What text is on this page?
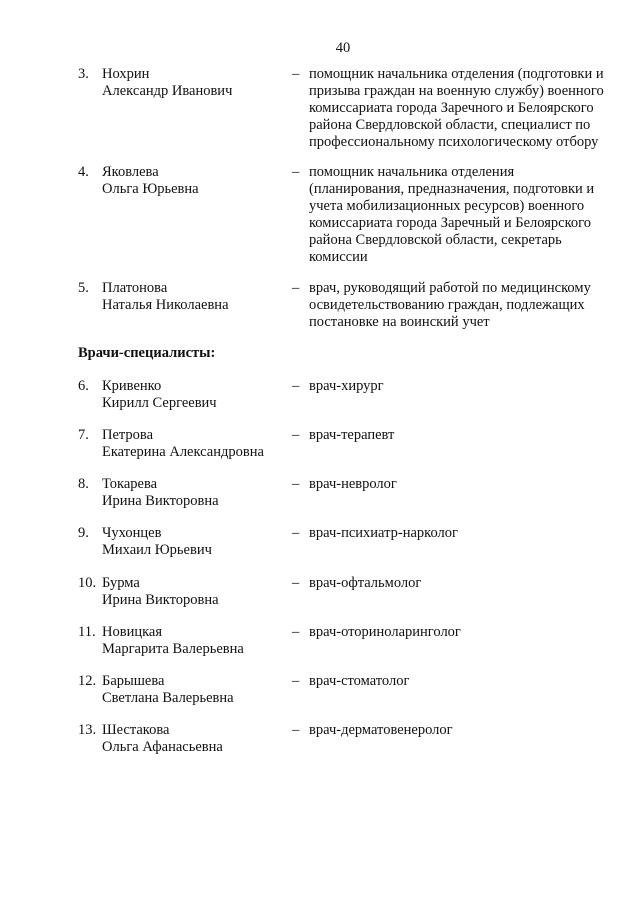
40
3. Нохрин
Александр Иванович
– помощник начальника отделения (подготовки и
призыва граждан на военную службу) военного
комиссариата города Заречного и Белоярского
района Свердловской области, специалист по
профессиональному психологическому отбору
4. Яковлева
Ольга Юрьевна
– помощник начальника отделения
(планирования, предназначения, подготовки и
учета мобилизационных ресурсов) военного
комиссариата города Заречный и Белоярского
района Свердловской области, секретарь
комиссии
5. Платонова
Наталья Николаевна
– врач, руководящий работой по медицинскому
освидетельствованию граждан, подлежащих
постановке на воинский учет
Врачи-специалисты:
6. Кривенко
Кирилл Сергеевич
– врач-хирург
7. Петрова
Екатерина Александровна
– врач-терапевт
8. Токарева
Ирина Викторовна
– врач-невролог
9. Чухонцев
Михаил Юрьевич
– врач-психиатр-нарколог
10. Бурма
Ирина Викторовна
– врач-офтальмолог
11. Новицкая
Маргарита Валерьевна
– врач-оториноларинголог
12. Барышева
Светлана Валерьевна
– врач-стоматолог
13. Шестакова
Ольга Афанасьевна
– врач-дерматовенеролог
